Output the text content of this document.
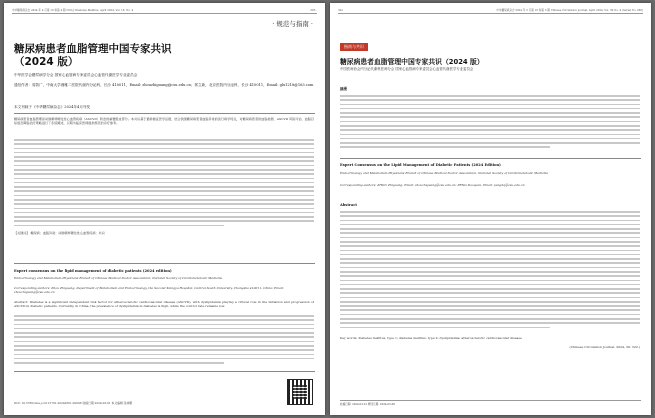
中华糖尿病杂志 2024 年 4 月第 16 卷第 4 期 Chin J Diabetes Mellitus, April 2024, Vol. 16, No. 4	· 383 ·
· 规范与指南 ·
糖尿病患者血脂管理中国专家共识
（2024 版）
中华医学会糖尿病学分会 国家心血管病专家委员会心血管代谢医学专业委员会
通信作者：周智广，中南大学湘雅二医院代谢内分泌科，长沙 410011，Email: zhouzhiguang@csu.edu.cn；郭立新，北京医院内分泌科，长沙 410011，Email: glx1218@163.com
本文刊载于《中华糖尿病杂志》2024年4月刊发
糖尿病患者血脂管理是动脉粥样硬化性心血管疾病（ASCVD）防治的重要组成部分。本共识基于最新循证医学证据，结合我国糖尿病患者血脂异常的流行病学特点，对糖尿病患者的血脂检测、ASCVD 风险评估、血脂目标值及降脂治疗策略进行了系统阐述，以期为临床医师提供规范的诊疗参考。
【关键词】 糖尿病；血脂异常；动脉粥样硬化性心血管疾病；共识
Expert consensus on the lipid management of diabetic patients (2024 edition)
Endocrinology and Metabolism Physicians Branch of Chinese Medical Doctor Association; National Society of Cardiometabolic Medicine
Corresponding authors: Zhou Zhiguang, Department of Metabolism and Endocrinology, the Second Xiangya Hospital, Central South University, Changsha 410011, China; Email: zhouzhiguang@csu.edu.cn
Abstract: Diabetes is a significant independent risk factor for atherosclerotic cardiovascular disease (ASCVD), with dyslipidemia playing a critical role in the initiation and progression of ASCVD in diabetic patients. Currently, in China, the prevalence of dyslipidemia in diabetes is high, while the control rate remains low.
DOI: 10.3760/cma.j.cn115791-20240301-00096 收稿日期 2024-03-01 本文编辑 张林娜
322	中华糖尿病杂志 2024 年 5 月第 16 卷第 5 期 Chinese Circulation Journal, April 2024, Vol. 39 No. 4 (Serial No. 268)
指南与共识
糖尿病患者血脂管理中国专家共识（2024 版）
中国医师协会内分泌代谢科医师分会 国家心血管病专家委员会心血管代谢医学专业委员会
摘要
Expert Consensus on the Lipid Management of Diabetic Patients (2024 Edition)
Endocrinology and Metabolism Physicians Branch of Chinese Medical Doctor Association, National Society of Cardiometabolic Medicine
Corresponding authors: ZHOU Zhiguang, Email: zhouzhiguang@csu.edu.cn; PENG Daoquan, Email: pengdq@csu.edu.cn
Abstract
Key words: diabetes mellitus, type 1; diabetes mellitus, type 2; dyslipidemia; atherosclerotic cardiovascular disease
(Chinese Circulation Journal, 2024, 39: 322.)
收稿日期: 2024-03-01 修回日期: 2024-03-08
